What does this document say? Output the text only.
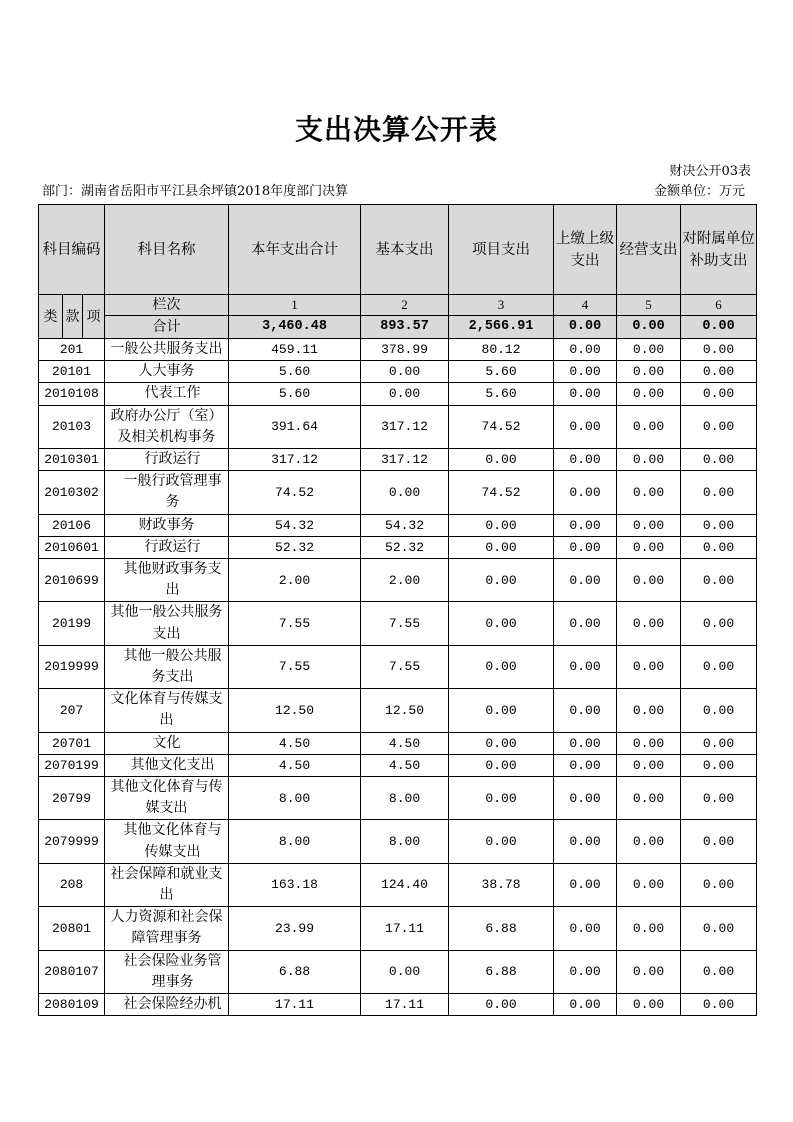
支出决算公开表
财决公开03表
部门：湖南省岳阳市平江县余坪镇2018年度部门决算	金额单位：万元
科目编码			科目名称	本年支出合计	基本支出	项目支出	上缴上级支出	经营支出	对附属单位补助支出
类	款	项	栏次	1	2	3	4	5	6
			合计	3,460.48	893.57	2,566.91	0.00	0.00	0.00
201			一般公共服务支出	459.11	378.99	80.12	0.00	0.00	0.00
20101			人大事务	5.60	0.00	5.60	0.00	0.00	0.00
2010108			代表工作	5.60	0.00	5.60	0.00	0.00	0.00
20103			政府办公厅（室）及相关机构事务	391.64	317.12	74.52	0.00	0.00	0.00
2010301			行政运行	317.12	317.12	0.00	0.00	0.00	0.00
2010302			一般行政管理事务	74.52	0.00	74.52	0.00	0.00	0.00
20106			财政事务	54.32	54.32	0.00	0.00	0.00	0.00
2010601			行政运行	52.32	52.32	0.00	0.00	0.00	0.00
2010699			其他财政事务支出	2.00	2.00	0.00	0.00	0.00	0.00
20199			其他一般公共服务支出	7.55	7.55	0.00	0.00	0.00	0.00
2019999			其他一般公共服务支出	7.55	7.55	0.00	0.00	0.00	0.00
207			文化体育与传媒支出	12.50	12.50	0.00	0.00	0.00	0.00
20701			文化	4.50	4.50	0.00	0.00	0.00	0.00
2070199			其他文化支出	4.50	4.50	0.00	0.00	0.00	0.00
20799			其他文化体育与传媒支出	8.00	8.00	0.00	0.00	0.00	0.00
2079999			其他文化体育与传媒支出	8.00	8.00	0.00	0.00	0.00	0.00
208			社会保障和就业支出	163.18	124.40	38.78	0.00	0.00	0.00
20801			人力资源和社会保障管理事务	23.99	17.11	6.88	0.00	0.00	0.00
2080107			社会保险业务管理事务	6.88	0.00	6.88	0.00	0.00	0.00
2080109			社会保险经办机	17.11	17.11	0.00	0.00	0.00	0.00
